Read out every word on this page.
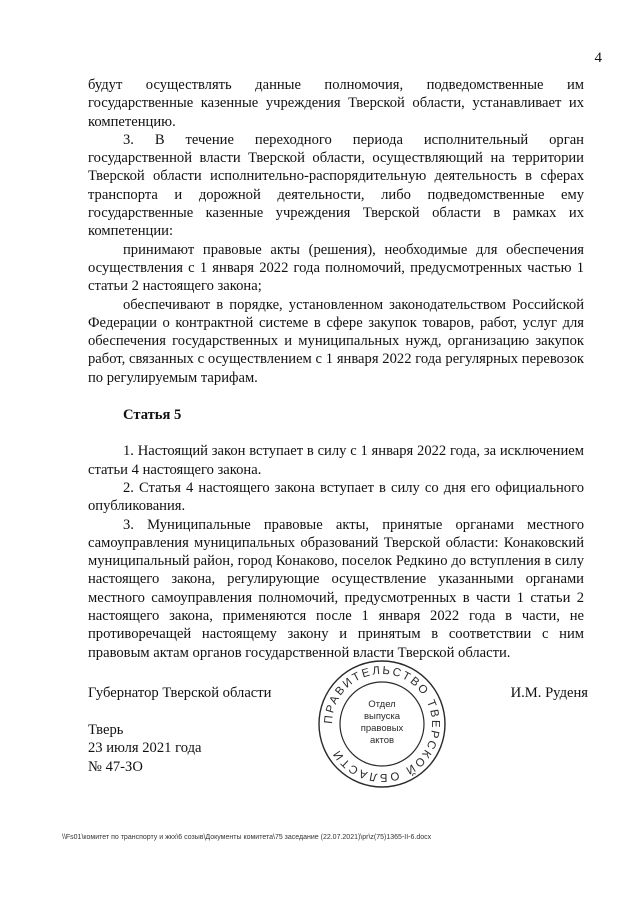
4

будут осуществлять данные полномочия, подведомственные им государственные казенные учреждения Тверской области, устанавливает их компетенцию.

3. В течение переходного периода исполнительный орган государственной власти Тверской области, осуществляющий на территории Тверской области исполнительно-распорядительную деятельность в сферах транспорта и дорожной деятельности, либо подведомственные ему государственные казенные учреждения Тверской области в рамках их компетенции:

принимают правовые акты (решения), необходимые для обеспечения осуществления с 1 января 2022 года полномочий, предусмотренных частью 1 статьи 2 настоящего закона;

обеспечивают в порядке, установленном законодательством Российской Федерации о контрактной системе в сфере закупок товаров, работ, услуг для обеспечения государственных и муниципальных нужд, организацию закупок работ, связанных с осуществлением с 1 января 2022 года регулярных перевозок по регулируемым тарифам.

Статья 5

1. Настоящий закон вступает в силу с 1 января 2022 года, за исключением статьи 4 настоящего закона.

2. Статья 4 настоящего закона вступает в силу со дня его официального опубликования.

3. Муниципальные правовые акты, принятые органами местного самоуправления муниципальных образований Тверской области: Конаковский муниципальный район, город Конаково, поселок Редкино до вступления в силу настоящего закона, регулирующие осуществление указанными органами местного самоуправления полномочий, предусмотренных в части 1 статьи 2 настоящего закона, применяются после 1 января 2022 года в части, не противоречащей настоящему закону и принятым в соответствии с ним правовым актам органов государственной власти Тверской области.

Губернатор Тверской области	И.М. Руденя
Тверь
23 июля 2021 года
№ 47-ЗО
ПРАВИТЕЛЬСТВО ТВЕРСКОЙ ОБЛАСТИ
Отдел
выпуска
правовых
актов
\\Fs01\комитет по транспорту и жкх\6 созыв\Документы комитета\75 заседание (22.07.2021)\pr\z(75)1365-II-6.docx
